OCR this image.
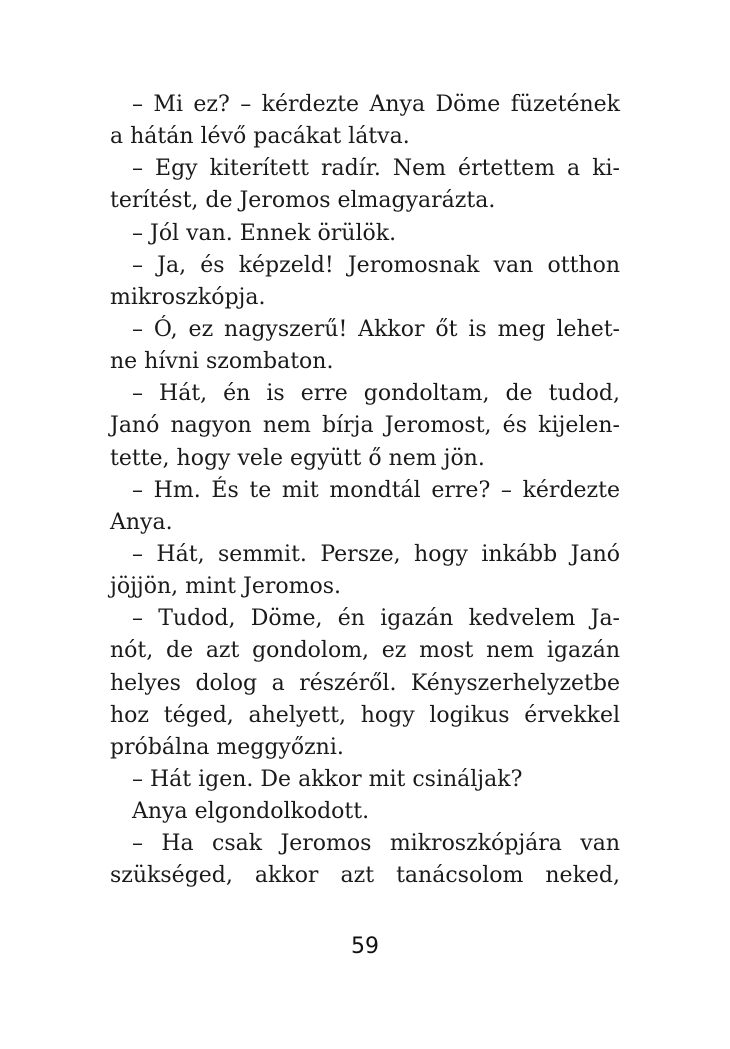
– Mi ez? – kérdezte Anya Döme füzetének
a hátán lévő pacákat látva.
– Egy kiterített radír. Nem értettem a ki-
terítést, de Jeromos elmagyarázta.
– Jól van. Ennek örülök.
– Ja, és képzeld! Jeromosnak van otthon
mikroszkópja.
– Ó, ez nagyszerű! Akkor őt is meg lehet-
ne hívni szombaton.
– Hát, én is erre gondoltam, de tudod,
Janó nagyon nem bírja Jeromost, és kijelen-
tette, hogy vele együtt ő nem jön.
– Hm. És te mit mondtál erre? – kérdezte
Anya.
– Hát, semmit. Persze, hogy inkább Janó
jöjjön, mint Jeromos.
– Tudod, Döme, én igazán kedvelem Ja-
nót, de azt gondolom, ez most nem igazán
helyes dolog a részéről. Kényszerhelyzetbe
hoz téged, ahelyett, hogy logikus érvekkel
próbálna meggyőzni.
– Hát igen. De akkor mit csináljak?
Anya elgondolkodott.
– Ha csak Jeromos mikroszkópjára van
szükséged, akkor azt tanácsolom neked,
59
